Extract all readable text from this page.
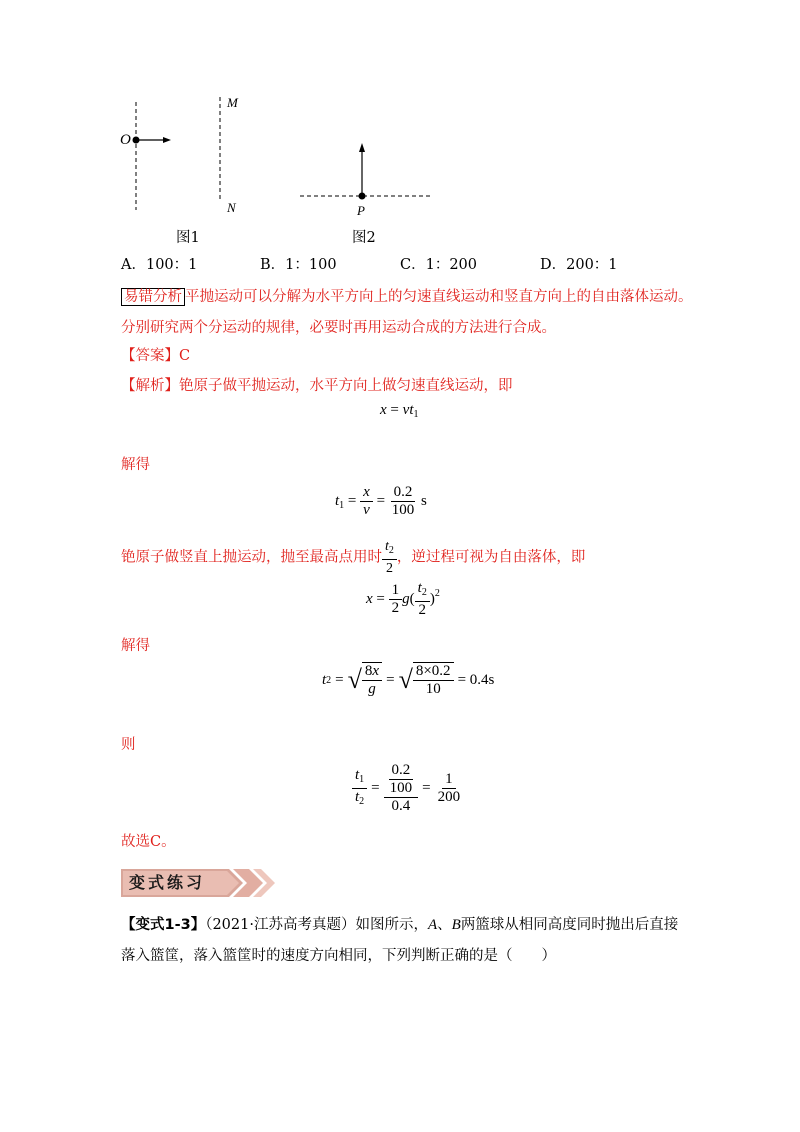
O
M
N
图1
P
图2
A．100：1	B．1：100	C．1：200	D．200：1
易错分析 平抛运动可以分解为水平方向上的匀速直线运动和竖直方向上的自由落体运动。
分别研究两个分运动的规律，必要时再用运动合成的方法进行合成。
【答案】C
【解析】铯原子做平抛运动，水平方向上做匀速直线运动，即
$x = vt_1$
解得
$t_1 = \frac{x}{v} = \frac{0.2}{100}$ s
铯原子做竖直上抛运动，抛至最高点用时 $\frac{t_2}{2}$ ，逆过程可视为自由落体，即
$x = \frac{1}{2} g( \frac{t_2}{2} )^2$
解得
t 2 = √ $\frac{8x}{g}$ = √ $\frac{8\times 0.2}{10} = 0.4s$
则
$\frac{t_1}{t_2} = \frac{\frac{0.2}{100}}{0.4} = \frac{1}{200}$
故选C。
变式练习
【变式1-3】（2021·江苏高考真题）如图所示，A、B两篮球从相同高度同时抛出后直接
落入篮筐，落入篮筐时的速度方向相同，下列判断正确的是（　　）
